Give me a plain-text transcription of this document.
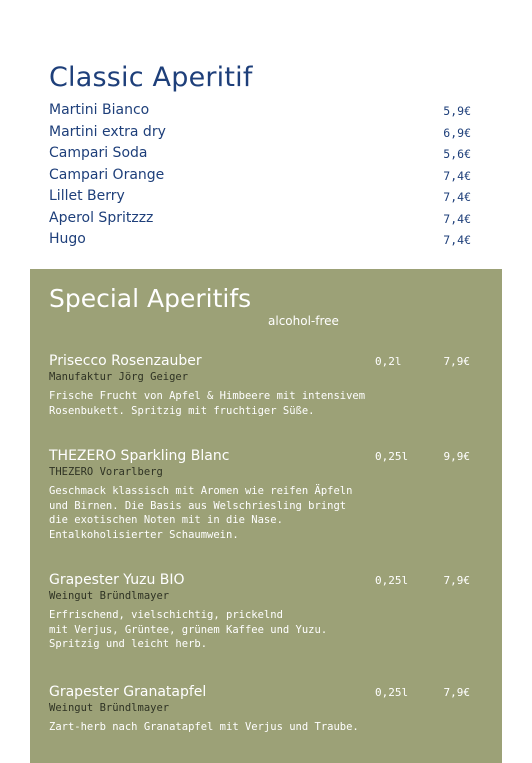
Classic Aperitif
Martini Bianco	5,9€
Martini extra dry	6,9€
Campari Soda	5,6€
Campari Orange	7,4€
Lillet Berry	7,4€
Aperol Spritzzz	7,4€
Hugo	7,4€
Special Aperitifs
alcohol-free
Prisecco Rosenzauber	0,2l	7,9€
Manufaktur Jörg Geiger

Frische Frucht von Apfel & Himbeere mit intensivem
Rosenbukett. Spritzig mit fruchtiger Süße.

THEZERO Sparkling Blanc	0,25l	9,9€
THEZERO Vorarlberg

Geschmack klassisch mit Aromen wie reifen Äpfeln
und Birnen. Die Basis aus Welschriesling bringt
die exotischen Noten mit in die Nase.
Entalkoholisierter Schaumwein.

Grapester Yuzu BIO	0,25l	7,9€
Weingut Bründlmayer

Erfrischend, vielschichtig, prickelnd
mit Verjus, Grüntee, grünem Kaffee und Yuzu.
Spritzig und leicht herb.

Grapester Granatapfel	0,25l	7,9€
Weingut Bründlmayer

Zart-herb nach Granatapfel mit Verjus und Traube.
